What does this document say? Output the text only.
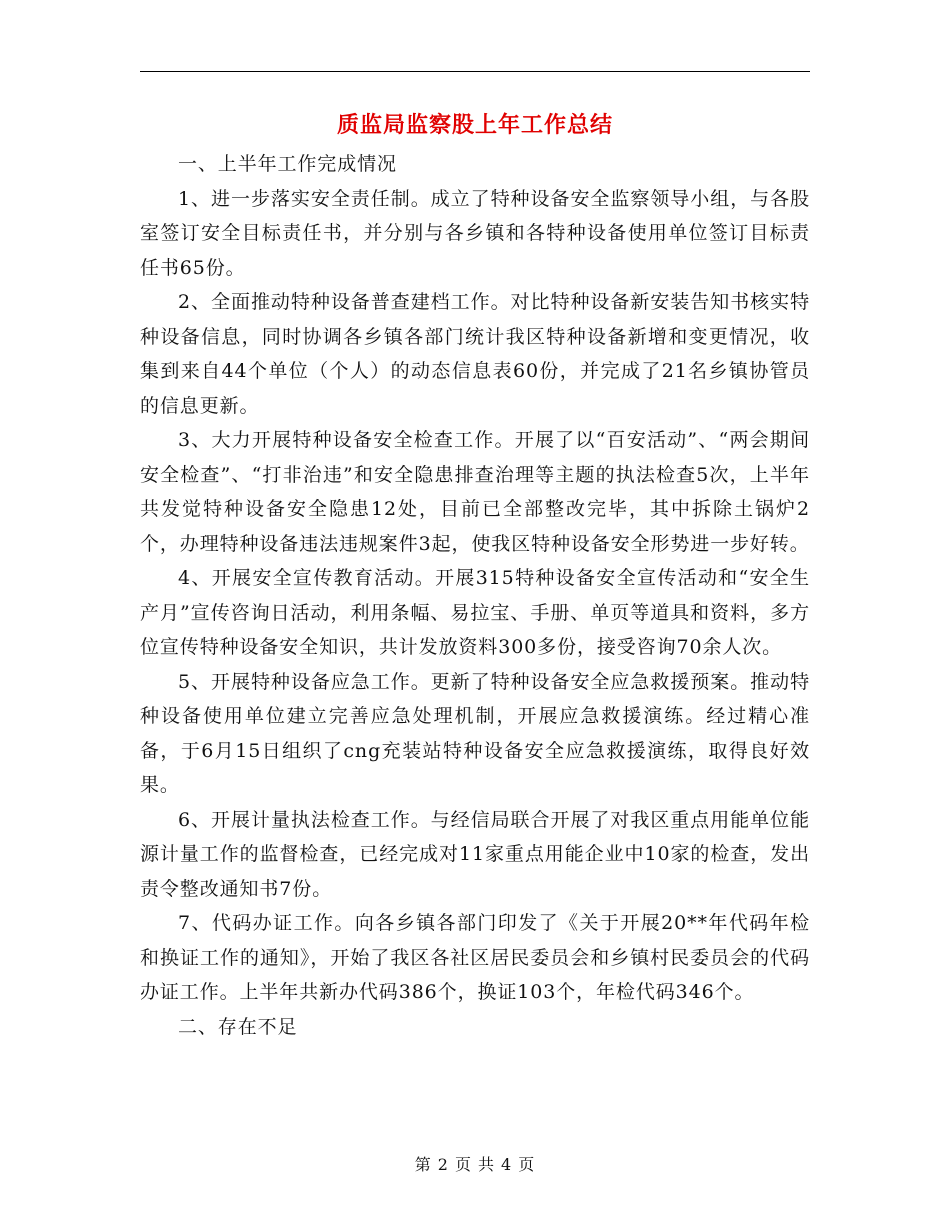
质监局监察股上年工作总结

一、上半年工作完成情况

1、进一步落实安全责任制。成立了特种设备安全监察领导小组，与各股室签订安全目标责任书，并分别与各乡镇和各特种设备使用单位签订目标责任书65份。

2、全面推动特种设备普查建档工作。对比特种设备新安装告知书核实特种设备信息，同时协调各乡镇各部门统计我区特种设备新增和变更情况，收集到来自44个单位（个人）的动态信息表60份，并完成了21名乡镇协管员的信息更新。

3、大力开展特种设备安全检查工作。开展了以“百安活动”、“两会期间安全检查”、“打非治违”和安全隐患排查治理等主题的执法检查5次，上半年共发觉特种设备安全隐患12处，目前已全部整改完毕，其中拆除土锅炉2个，办理特种设备违法违规案件3起，使我区特种设备安全形势进一步好转。

4、开展安全宣传教育活动。开展315特种设备安全宣传活动和“安全生产月”宣传咨询日活动，利用条幅、易拉宝、手册、单页等道具和资料，多方位宣传特种设备安全知识，共计发放资料300多份，接受咨询70余人次。

5、开展特种设备应急工作。更新了特种设备安全应急救援预案。推动特种设备使用单位建立完善应急处理机制，开展应急救援演练。经过精心准备，于6月15日组织了cng充装站特种设备安全应急救援演练，取得良好效果。

6、开展计量执法检查工作。与经信局联合开展了对我区重点用能单位能源计量工作的监督检查，已经完成对11家重点用能企业中10家的检查，发出责令整改通知书7份。

7、代码办证工作。向各乡镇各部门印发了《关于开展20**年代码年检和换证工作的通知》，开始了我区各社区居民委员会和乡镇村民委员会的代码办证工作。上半年共新办代码386个，换证103个，年检代码346个。

二、存在不足

第 2 页 共 4 页
